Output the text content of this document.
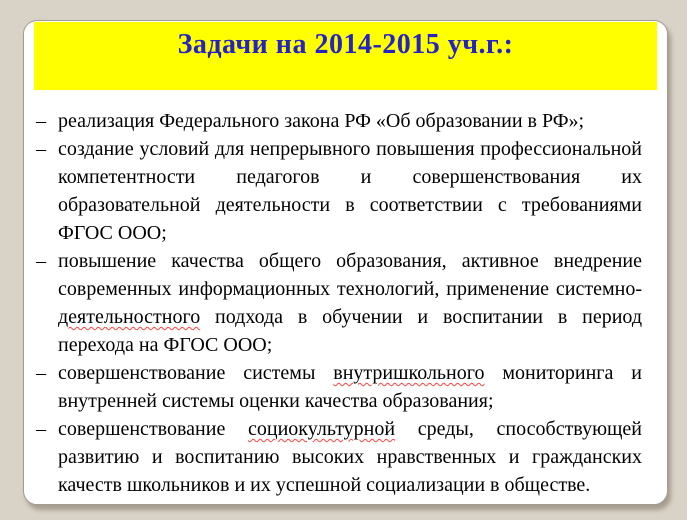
Задачи на 2014-2015 уч.г.:
– реализация Федерального закона РФ «Об образовании в РФ»;
– создание условий для непрерывного повышения профессиональной компетентности педагогов и совершенствования их образовательной деятельности в соответствии с требованиями ФГОС ООО;
– повышение качества общего образования, активное внедрение современных информационных технологий, применение системно-деятельностного подхода в обучении и воспитании в период перехода на ФГОС ООО;
– совершенствование системы внутришкольного мониторинга и внутренней системы оценки качества образования;
– совершенствование социокультурной среды, способствующей развитию и воспитанию высоких нравственных и гражданских качеств школьников и их успешной социализации в обществе.
